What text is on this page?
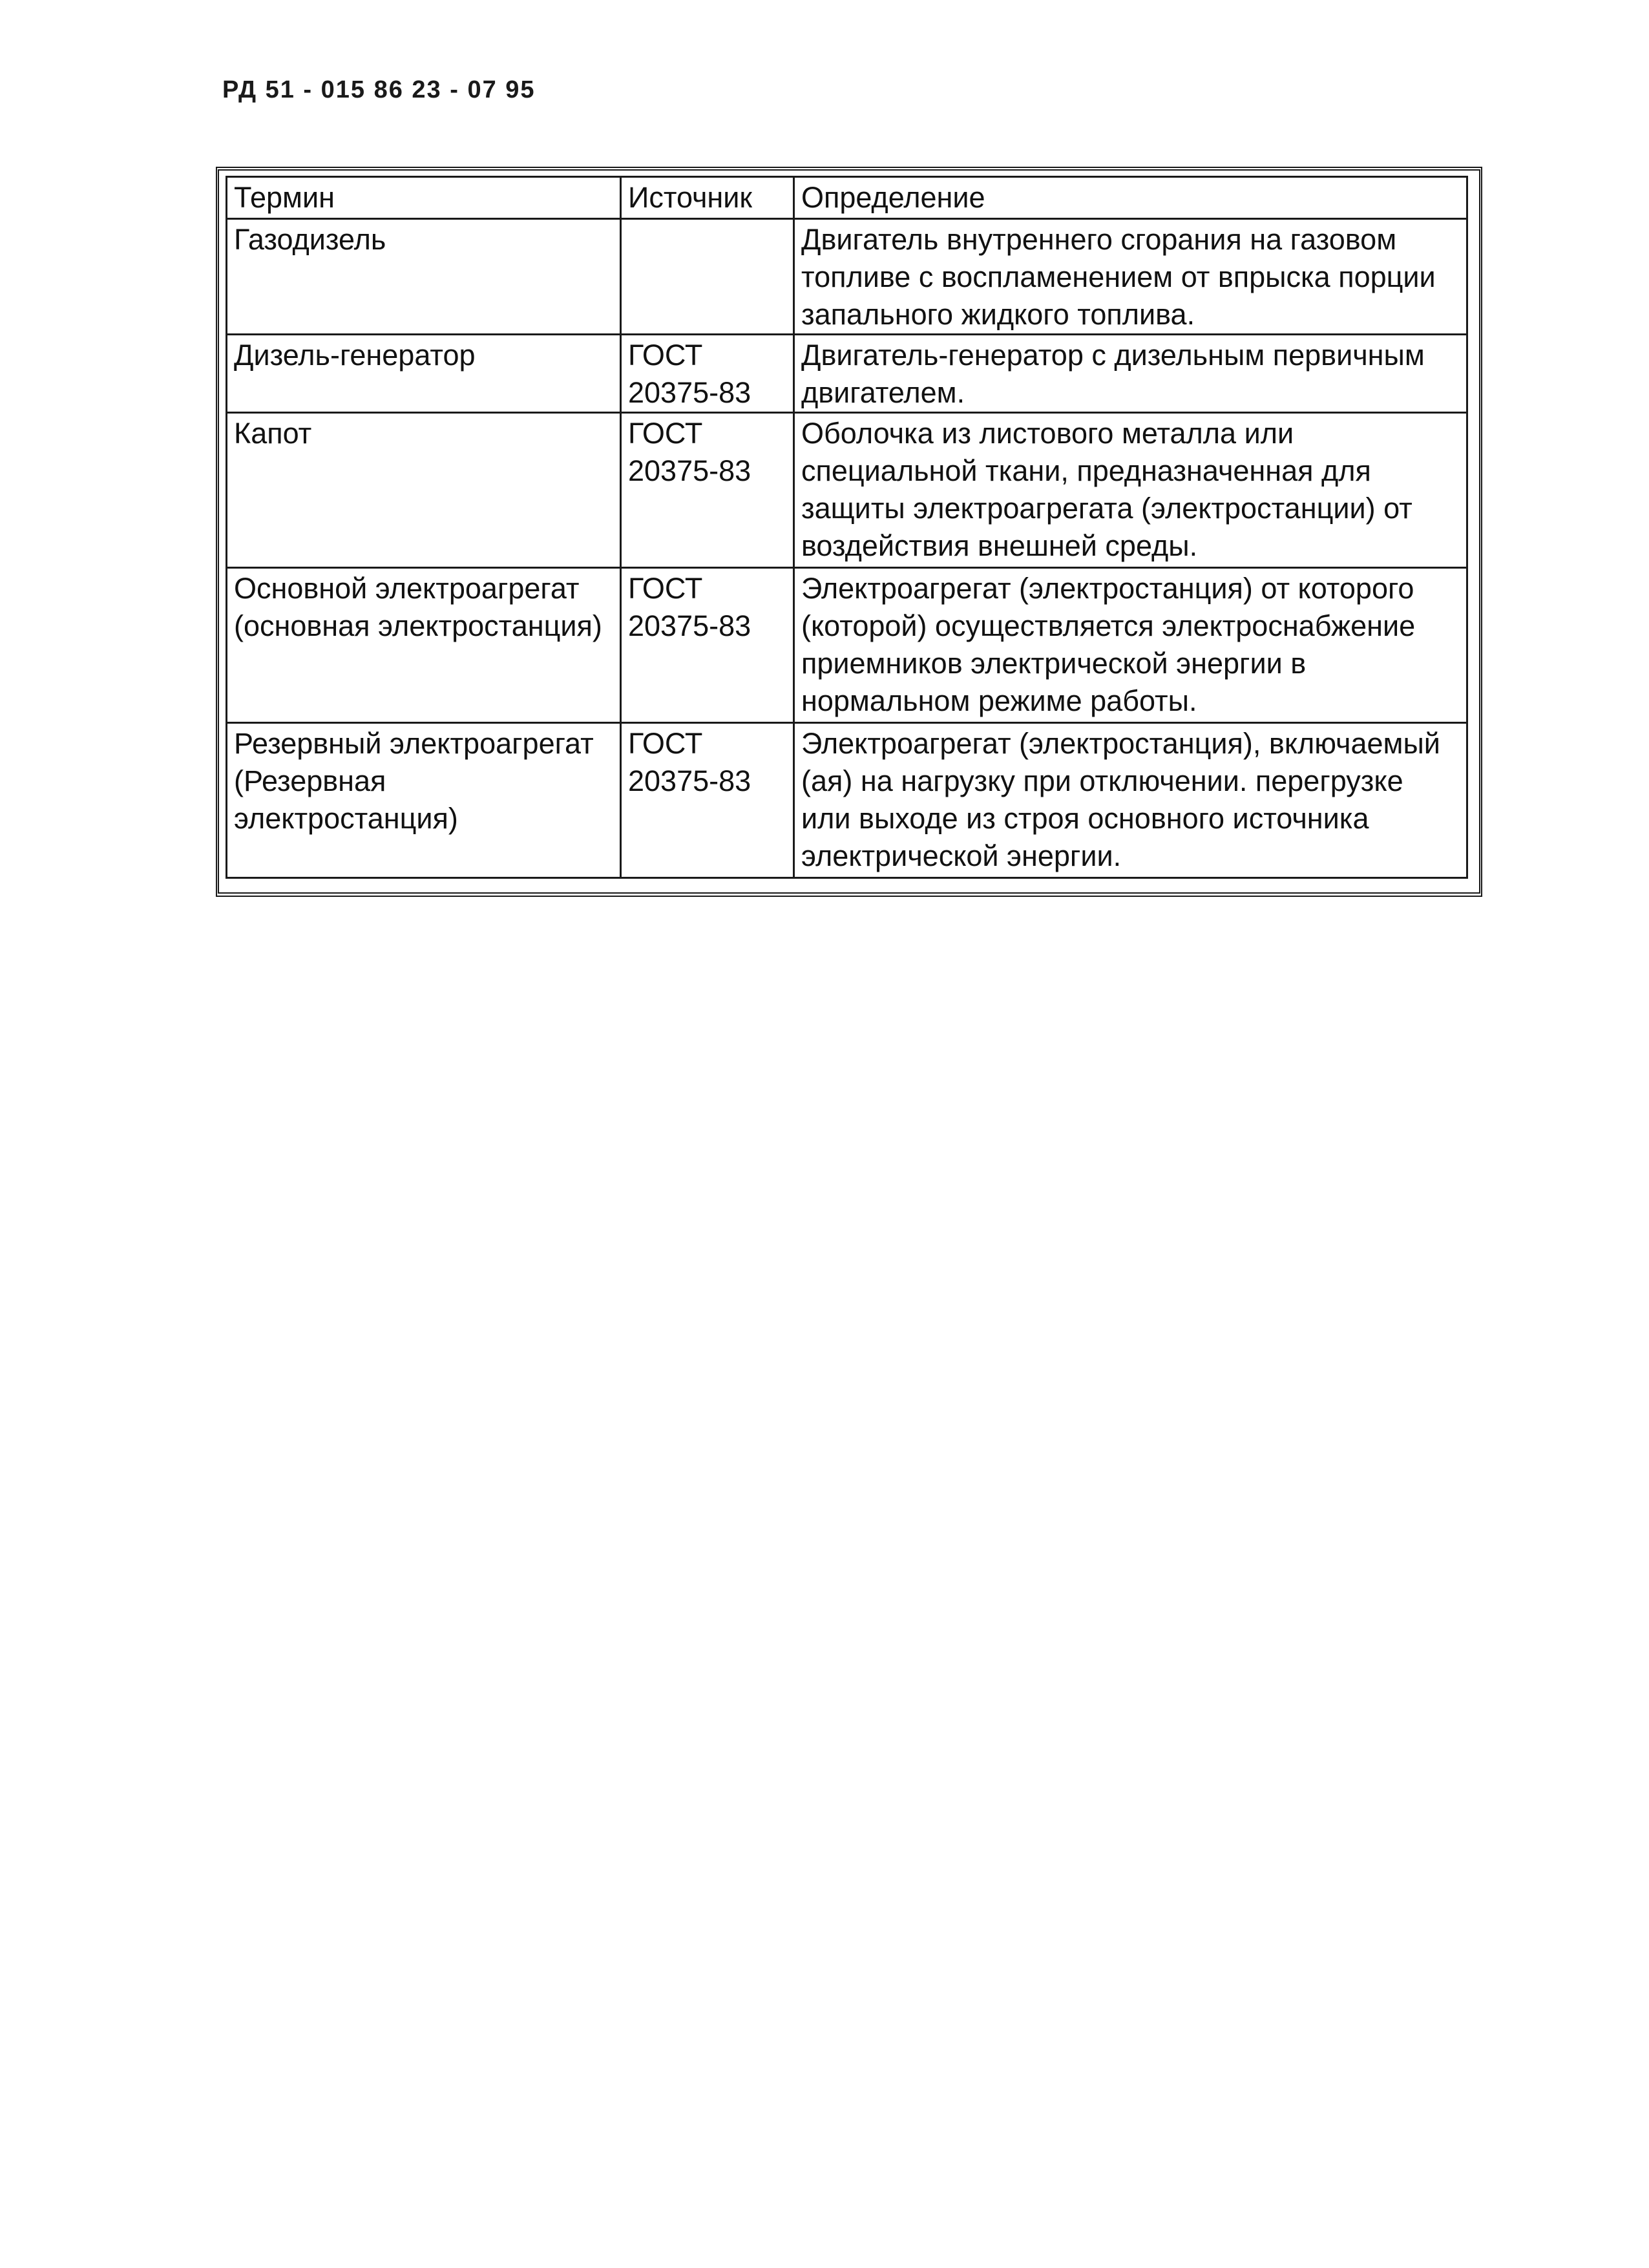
РД 51 - 015 86 23 - 07 95
Термин	Источник	Определение
Газодизель		Двигатель внутреннего сгорания на газовом топливе с воспламенением от впрыска порции запального жидкого топлива.
Дизель-генератор	ГОСТ 20375-83	Двигатель-генератор с дизельным первичным двигателем.
Капот	ГОСТ 20375-83	Оболочка из листового металла или специальной ткани, предназначенная для защиты электроагрегата (электростанции) от воздействия внешней среды.
Основной электроагрегат (основная электростанция)	ГОСТ 20375-83	Электроагрегат (электростанция) от которого (которой) осуществляется электроснабжение приемников электрической энергии в нормальном режиме работы.
Резервный электроагрегат (Резервная электростанция)	ГОСТ 20375-83	Электроагрегат (электростанция), включаемый (ая) на нагрузку при отключении. перегрузке или выходе из строя основного источника электрической энергии.
